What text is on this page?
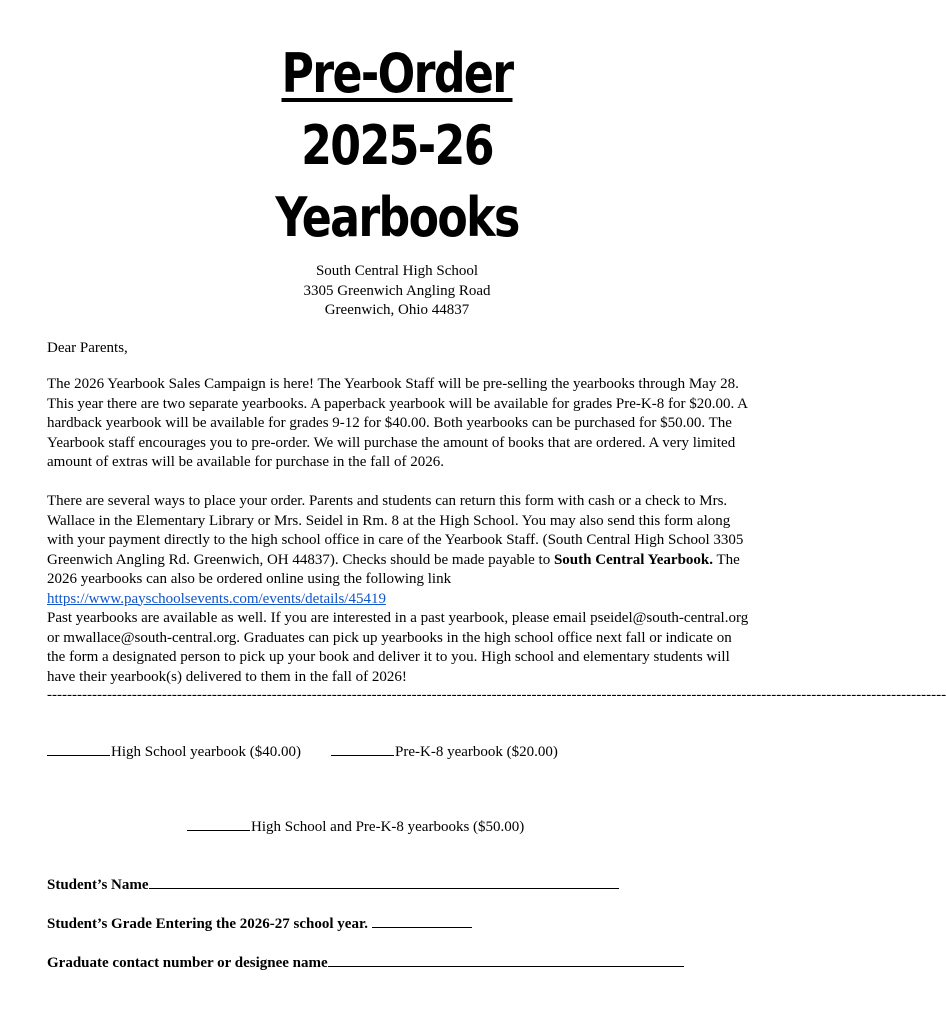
Pre-Order
2025-26
Yearbooks
South Central High School
3305 Greenwich Angling Road
Greenwich, Ohio 44837

Dear Parents,

The 2026 Yearbook Sales Campaign is here! The Yearbook Staff will be pre-selling the yearbooks through May 28. This year there are two separate yearbooks. A paperback yearbook will be available for grades Pre-K-8 for $20.00. A hardback yearbook will be available for grades 9-12 for $40.00. Both yearbooks can be purchased for $50.00. The Yearbook staff encourages you to pre-order. We will purchase the amount of books that are ordered. A very limited amount of extras will be available for purchase in the fall of 2026.

There are several ways to place your order. Parents and students can return this form with cash or a check to Mrs. Wallace in the Elementary Library or Mrs. Seidel in Rm. 8 at the High School. You may also send this form along with your payment directly to the high school office in care of the Yearbook Staff. (South Central High School 3305 Greenwich Angling Rd. Greenwich, OH 44837). Checks should be made payable to South Central Yearbook. The 2026 yearbooks can also be ordered online using the following link https://www.payschoolsevents.com/events/details/45419

Past yearbooks are available as well. If you are interested in a past yearbook, please email pseidel@south-central.org or mwallace@south-central.org. Graduates can pick up yearbooks in the high school office next fall or indicate on the form a designated person to pick up your book and deliver it to you. High school and elementary students will have their yearbook(s) delivered to them in the fall of 2026!

------------------------------------------------------------------------------------------------------------------------------------------------------------------------------------
High School yearbook ($40.00)	Pre-K-8 yearbook ($20.00)
High School and Pre-K-8 yearbooks ($50.00)
Student’s Name
Student’s Grade Entering the 2026-27 school year.
Graduate contact number or designee name
